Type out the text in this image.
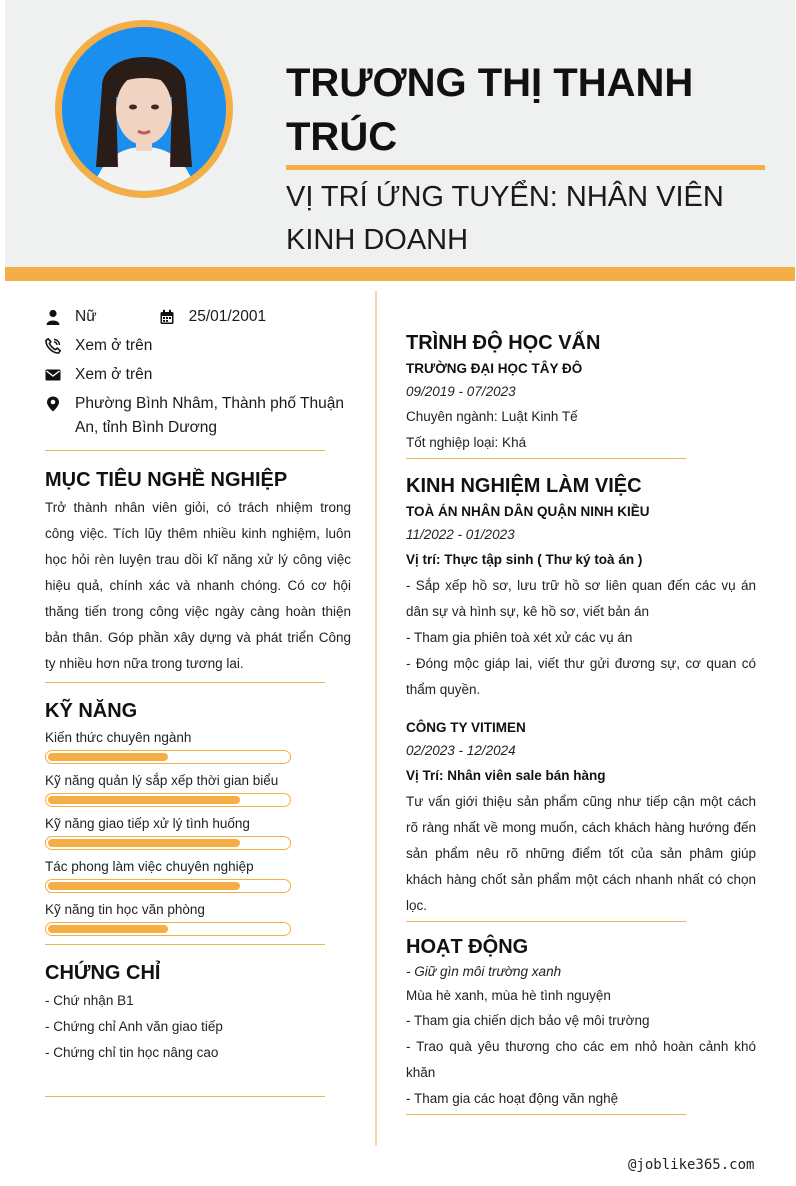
TRƯƠNG THỊ THANH TRÚC
VỊ TRÍ ỨNG TUYỂN: NHÂN VIÊN KINH DOANH
Nữ	25/01/2001
Xem ở trên
Xem ở trên
Phường Bình Nhâm, Thành phố Thuận An, tỉnh Bình Dương
MỤC TIÊU NGHỀ NGHIỆP
Trở thành nhân viên giỏi, có trách nhiệm trong công việc. Tích lũy thêm nhiều kinh nghiệm, luôn học hỏi rèn luyện trau dồi kĩ năng xử lý công việc hiệu quả, chính xác và nhanh chóng. Có cơ hội thăng tiến trong công việc ngày càng hoàn thiện bản thân. Góp phần xây dựng và phát triển Công ty nhiều hơn nữa trong tương lai.
KỸ NĂNG
Kiến thức chuyên ngành
Kỹ năng quản lý sắp xếp thời gian biểu
Kỹ năng giao tiếp xử lý tình huống
Tác phong làm việc chuyên nghiệp
Kỹ năng tin học văn phòng
CHỨNG CHỈ
- Chứ nhận B1
- Chứng chỉ Anh văn giao tiếp
- Chứng chỉ tin học nâng cao
TRÌNH ĐỘ HỌC VẤN
TRƯỜNG ĐẠI HỌC TÂY ĐÔ
09/2019 - 07/2023
Chuyên ngành: Luật Kinh Tế
Tốt nghiệp loại: Khá
KINH NGHIỆM LÀM VIỆC
TOÀ ÁN NHÂN DÂN QUẬN NINH KIỀU
11/2022 - 01/2023
Vị trí: Thực tập sinh ( Thư ký toà án )
- Sắp xếp hồ sơ, lưu trữ hồ sơ liên quan đến các vụ án dân sự và hình sự, kê hồ sơ, viết bản án
- Tham gia phiên toà xét xử các vụ án
- Đóng mộc giáp lai, viết thư gửi đương sự, cơ quan có thẩm quyền.
CÔNG TY VITIMEN
02/2023 - 12/2024
Vị Trí: Nhân viên sale bán hàng
Tư vấn giới thiệu sản phẩm cũng như tiếp cận một cách rõ ràng nhất về mong muốn, cách khách hàng hướng đến sản phẩm nêu rõ những điểm tốt của sản phâm giúp khách hàng chốt sản phẩm một cách nhanh nhất có chọn lọc.
HOẠT ĐỘNG
- Giữ gìn môi trường xanh
Mùa hè xanh, mùa hè tình nguyện
- Tham gia chiến dịch bảo vệ môi trường
- Trao quà yêu thương cho các em nhỏ hoàn cảnh khó khăn
- Tham gia các hoạt động văn nghệ
@joblike365.com
